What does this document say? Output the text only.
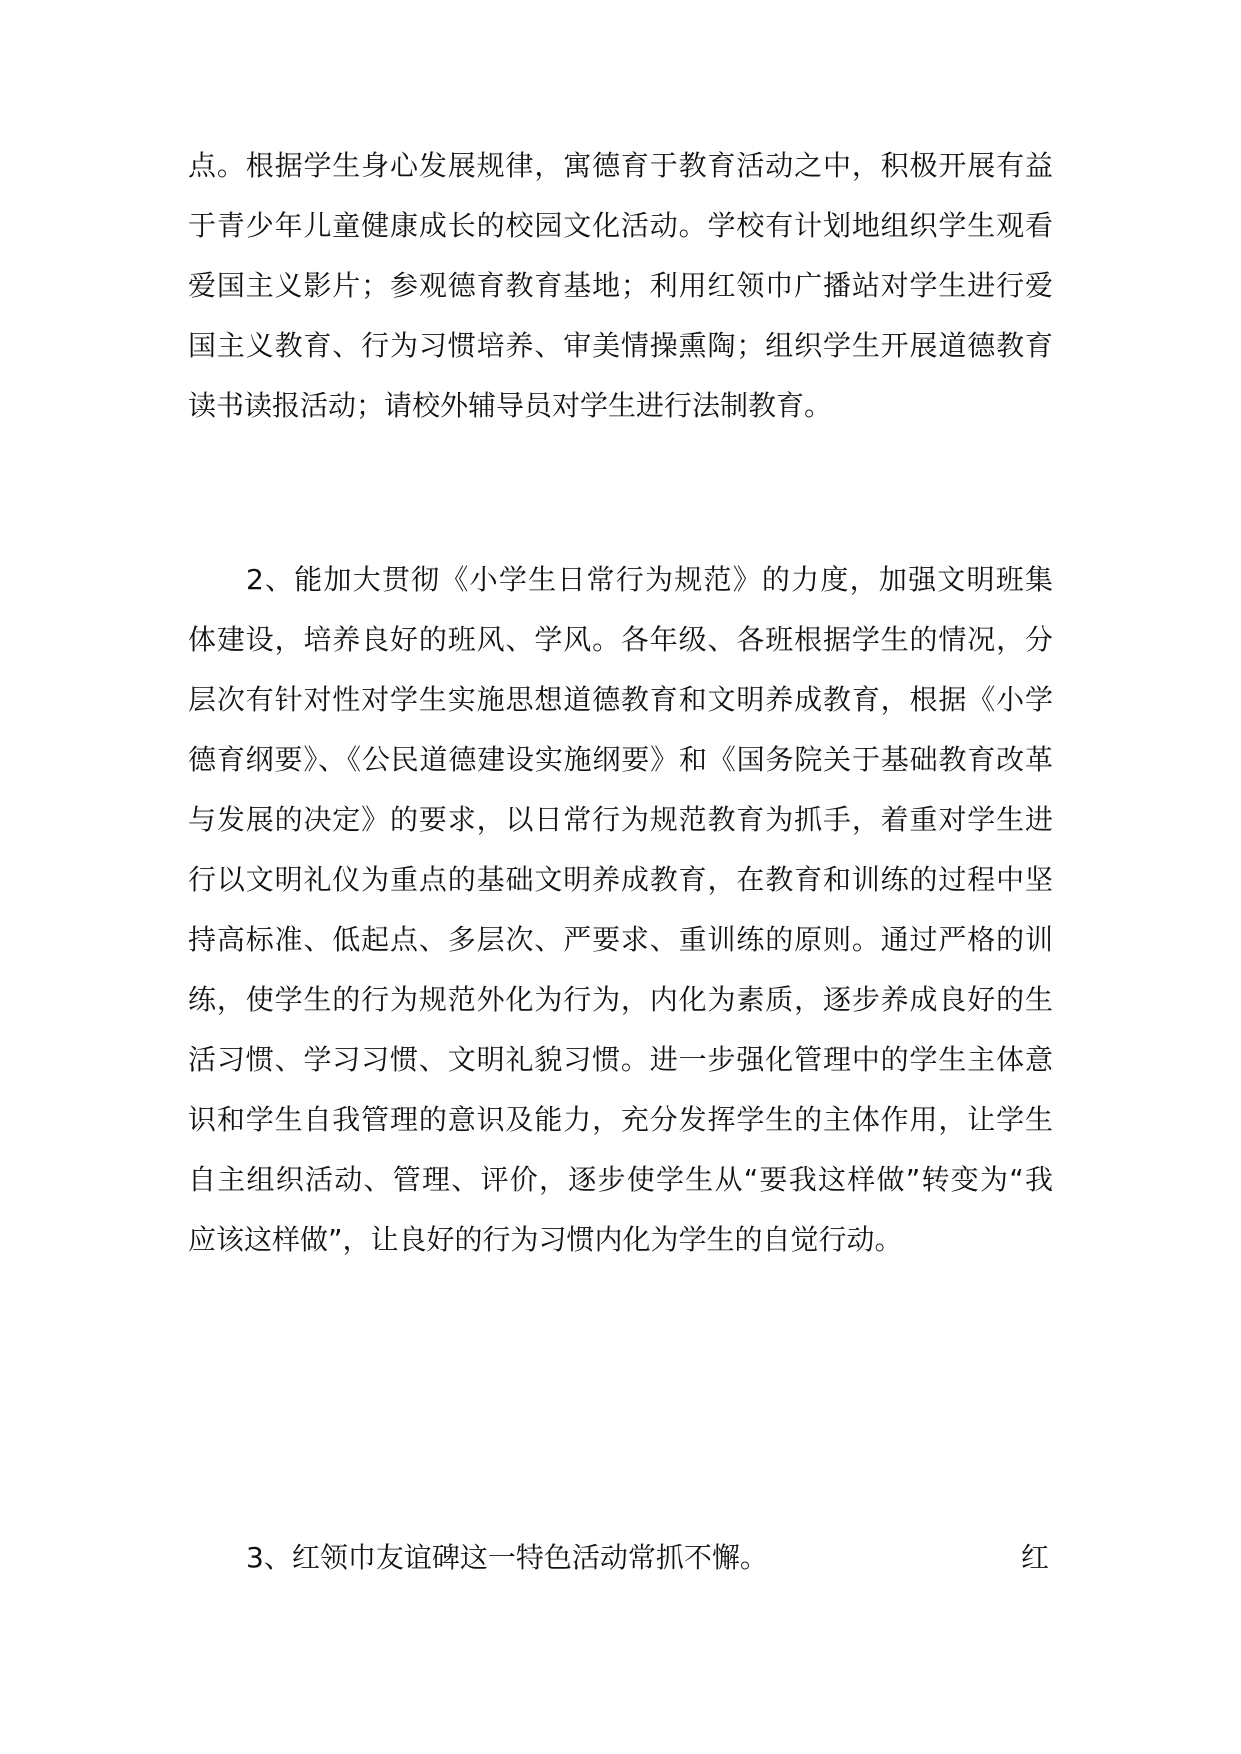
点。根据学生身心发展规律，寓德育于教育活动之中，积极开展有益
于青少年儿童健康成长的校园文化活动。学校有计划地组织学生观看
爱国主义影片；参观德育教育基地；利用红领巾广播站对学生进行爱
国主义教育、行为习惯培养、审美情操熏陶；组织学生开展道德教育
读书读报活动；请校外辅导员对学生进行法制教育。
2、能加大贯彻《小学生日常行为规范》的力度，加强文明班集
体建设，培养良好的班风、学风。各年级、各班根据学生的情况，分
层次有针对性对学生实施思想道德教育和文明养成教育，根据《小学
德育纲要》、《公民道德建设实施纲要》和《国务院关于基础教育改革
与发展的决定》的要求，以日常行为规范教育为抓手，着重对学生进
行以文明礼仪为重点的基础文明养成教育，在教育和训练的过程中坚
持高标准、低起点、多层次、严要求、重训练的原则。通过严格的训
练，使学生的行为规范外化为行为，内化为素质，逐步养成良好的生
活习惯、学习习惯、文明礼貌习惯。进一步强化管理中的学生主体意
识和学生自我管理的意识及能力，充分发挥学生的主体作用，让学生
自主组织活动、管理、评价，逐步使学生从“要我这样做”转变为“我
应该这样做”，让良好的行为习惯内化为学生的自觉行动。
3、红领巾友谊碑这一特色活动常抓不懈。	红
